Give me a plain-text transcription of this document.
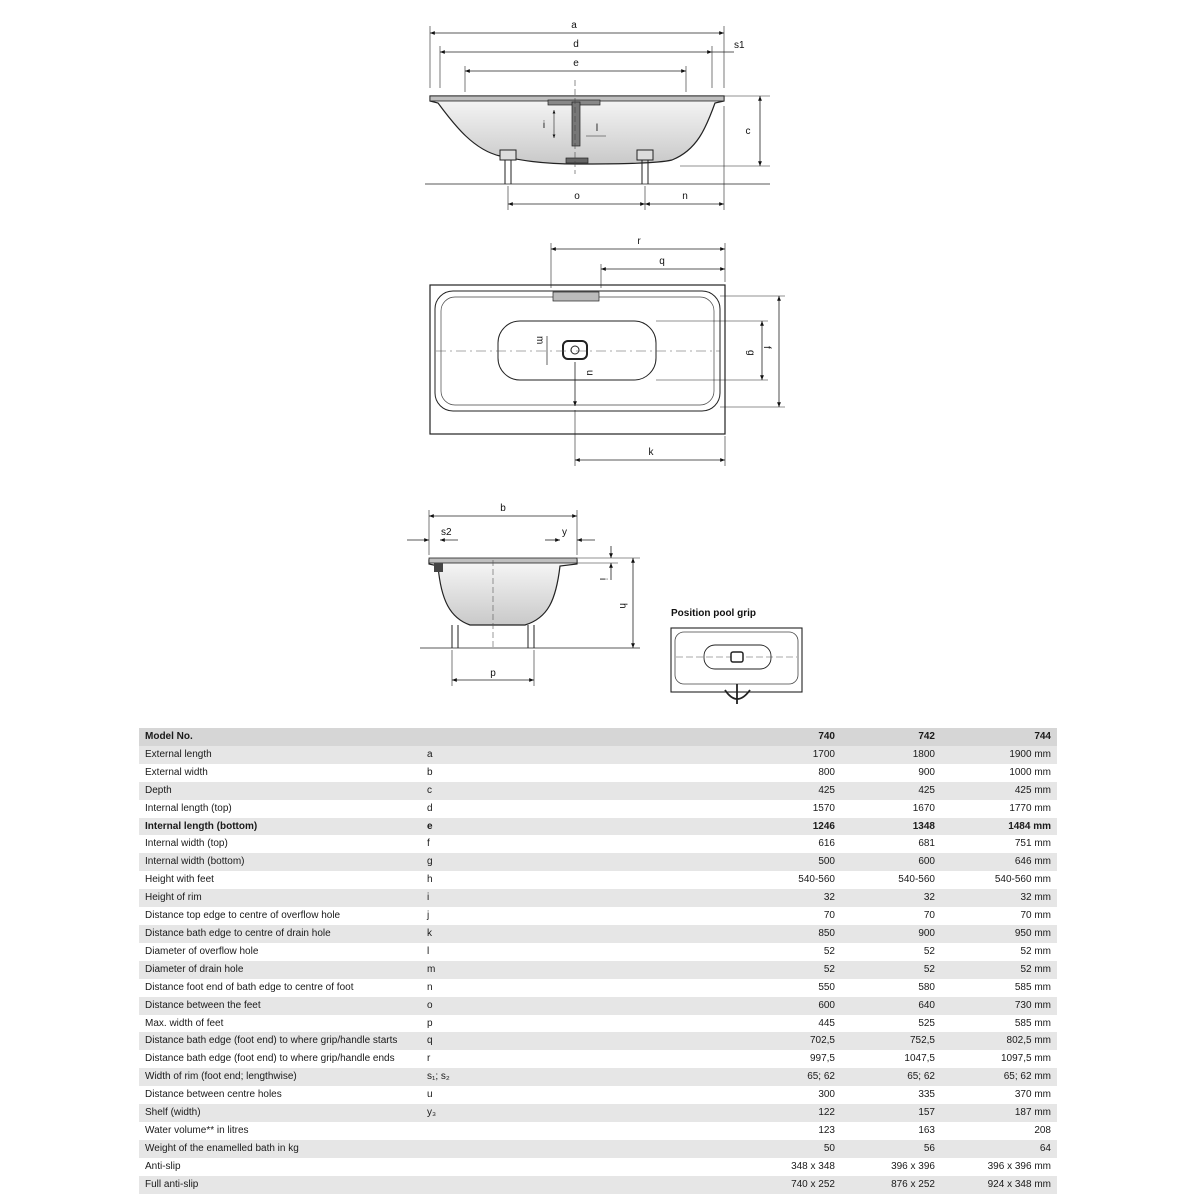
a
d	s1
e
c
i	l
o	n
r
q
m
g
f
u
k
b
s2	y
i
h
p
Position pool grip
Model No.		740	742	744
External length	a	1700	1800	1900 mm
External width	b	800	900	1000 mm
Depth	c	425	425	425 mm
Internal length (top)	d	1570	1670	1770 mm
Internal length (bottom)	e	1246	1348	1484 mm
Internal width (top)	f	616	681	751 mm
Internal width (bottom)	g	500	600	646 mm
Height with feet	h	540-560	540-560	540-560 mm
Height of rim	i	32	32	32 mm
Distance top edge to centre of overflow hole	j	70	70	70 mm
Distance bath edge to centre of drain hole	k	850	900	950 mm
Diameter of overflow hole	l	52	52	52 mm
Diameter of drain hole	m	52	52	52 mm
Distance foot end of bath edge to centre of foot	n	550	580	585 mm
Distance between the feet	o	600	640	730 mm
Max. width of feet	p	445	525	585 mm
Distance bath edge (foot end) to where grip/handle starts	q	702,5	752,5	802,5 mm
Distance bath edge (foot end) to where grip/handle ends	r	997,5	1047,5	1097,5 mm
Width of rim (foot end; lengthwise)	s₁; s₂	65; 62	65; 62	65; 62 mm
Distance between centre holes	u	300	335	370 mm
Shelf (width)	y₃	122	157	187 mm
Water volume** in litres		123	163	208
Weight of the enamelled bath in kg		50	56	64
Anti-slip		348 x 348	396 x 396	396 x 396 mm
Full anti-slip		740 x 252	876 x 252	924 x 348 mm
